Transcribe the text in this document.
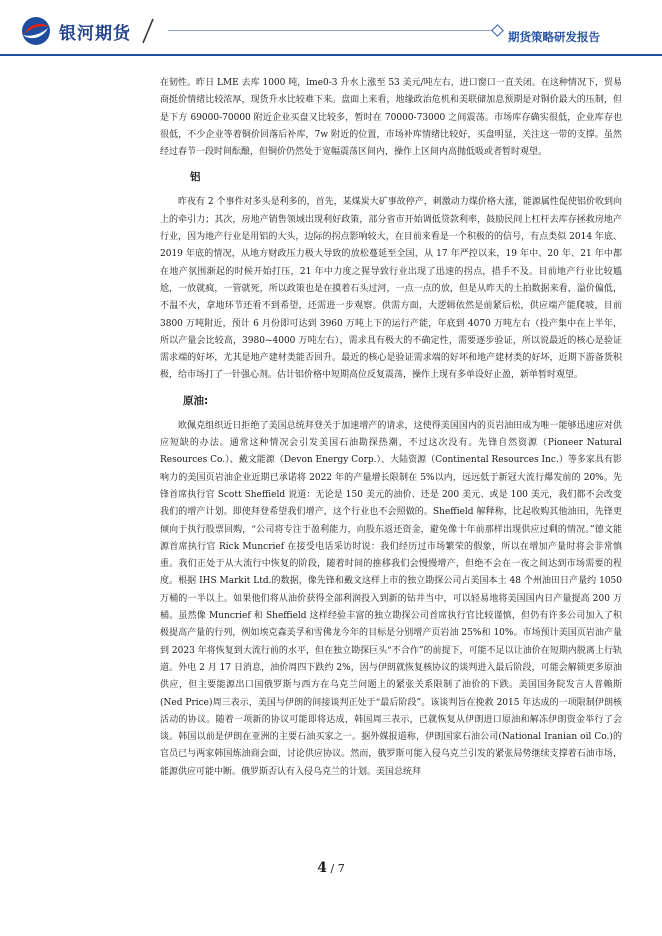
银河期货	期货策略研发报告

在韧性。昨日 LME 去库 1000 吨，lme0-3 升水上涨至 53 美元/吨左右，进口窗口一直关闭。在这种情况下，贸易商挺价情绪比较浓厚，现货升水比较难下来。盘面上来看，地缘政治危机和美联储加息预期是对铜价最大的压制，但是下方 69000-70000 附近企业买盘又比较多，暂时在 70000-73000 之间震荡。市场库存确实很低，企业库存也很低，不少企业等着铜价回落后补库，7w 附近的位置，市场补库情绪比较好，买盘明显，关注这一带的支撑。虽然经过春节一段时间酝酿，但铜价仍然处于宽幅震荡区间内，操作上区间内高抛低吸或者暂时观望。

铝

昨夜有 2 个事件对多头是利多的，首先，某煤炭大矿事故停产，刺激动力煤价格大涨，能源属性促使铝价收到向上的牵引力；其次，房地产销售领域出现利好政策，部分省市开始调低贷款利率，鼓励民间上杠杆去库存拯救房地产行业，因为地产行业是用铝的大头，边际的拐点影响较大，在目前来看是一个积极的的信号，有点类似 2014 年底、2019 年底的情况，从地方财政压力极大导致的放松蔓延至全国，从 17 年严控以来，19 年中、20 年、21 年中都在地产氛围渐起的时候开始打压，21 年中力度之猩导致行业出现了迅速的拐点，措手不及。目前地产行业比较尴尬，一放就疯，一管就死，所以政策也是在摸着石头过河，一点一点的放，但是从昨天的土拍数据来看，溢价偏低，不温不火，拿地环节还看不到希望，还需进一步观察。供需方面，大逻辑依然是前紧后松，供应端产能爬坡，目前 3800 万吨附近，预计 6 月份即可达到 3960 万吨上下的运行产能，年底到 4070 万吨左右（投产集中在上半年，所以产量会比较高，3980~4000 万吨左右），需求具有极大的不确定性，需要逐步验证，所以说最近的核心是验证需求端的好坏，尤其是地产建材类能否回升。最近的核心是验证需求端的好坏和地产建材类的好坏，近期下游备货积极，给市场打了一针强心剂。估计铝价格中短期高位反复震荡，操作上现有多单设好止盈，新单暂时观望。

原油:

欧佩克组织近日拒绝了美国总统拜登关于加速增产的请求，这使得美国国内的页岩油田成为唯一能够迅速应对供应短缺的办法。通常这种情况会引发美国石油勘探热潮，不过这次没有。先锋自然资源（Pioneer Natural Resources Co.）、戴文能源（Devon Energy Corp.）、大陆资源（Continental Resources Inc.）等多家具有影响力的美国页岩油企业近期已承诺将 2022 年的产量增长限制在 5%以内，远远低于新冠大流行爆发前的 20%。先锋首席执行官 Scott Sheffield 说道：无论是 150 美元的油价、还是 200 美元、或是 100 美元，我们都不会改变我们的增产计划。即使拜登希望我们增产，这个行业也不会照做的。Sheffield 解释称，比起收购其他油田，先锋更倾向于执行股票回购，“公司将专注于盈利能力，向股东返还资金，避免像十年前那样出现供应过剩的情况。”德文能源首席执行官 Rick Muncrief 在接受电话采访时说：我们经历过市场繁荣的假象，所以在增加产量时将会非常慎重。我们正处于从大流行中恢复的阶段，随着时间的推移我们会慢慢增产，但绝不会在一夜之间达到市场需要的程度。根据 IHS Markit Ltd.的数据，像先锋和戴文这样上市的独立勘探公司占美国本土 48 个州油田日产量约 1050 万桶的一半以上。如果他们将从油价获得全部利润投入到新的钻井当中，可以轻易地将美国国内日产量提高 200 万桶。虽然像 Muncrief 和 Sheffield 这样经验丰富的独立勘探公司首席执行官比较谨慎，但仍有许多公司加入了积极提高产量的行列，例如埃克森美孚和雪佛龙今年的目标是分别增产页岩油 25%和 10%。市场预计美国页岩油产量到 2023 年将恢复到大流行前的水平，但在独立勘探巨头“不合作”的前提下，可能不足以让油价在短期内脱离上行轨道。外电 2 月 17 日消息，油价周四下跌约 2%，因与伊朗就恢复核协议的谈判进入最后阶段，可能会解锁更多原油供应，但主要能源出口国俄罗斯与西方在乌克兰问题上的紧张关系限制了油价的下跌。美国国务院发言人普赖斯(Ned Price)周三表示，美国与伊朗的间接谈判正处于“最后阶段”。该谈判旨在挽救 2015 年达成的一项限制伊朗核活动的协议。随着一项新的协议可能即将达成，韩国周三表示，已就恢复从伊朗进口原油和解冻伊朗资金举行了会谈。韩国以前是伊朗在亚洲的主要石油买家之一。据外媒报道称，伊朗国家石油公司(National Iranian oil Co.)的官员已与两家韩国炼油商会面，讨论供应协议。然而，俄罗斯可能入侵乌克兰引发的紧张局势继续支撑着石油市场，能源供应可能中断。俄罗斯否认有入侵乌克兰的计划。美国总统拜

4 / 7
